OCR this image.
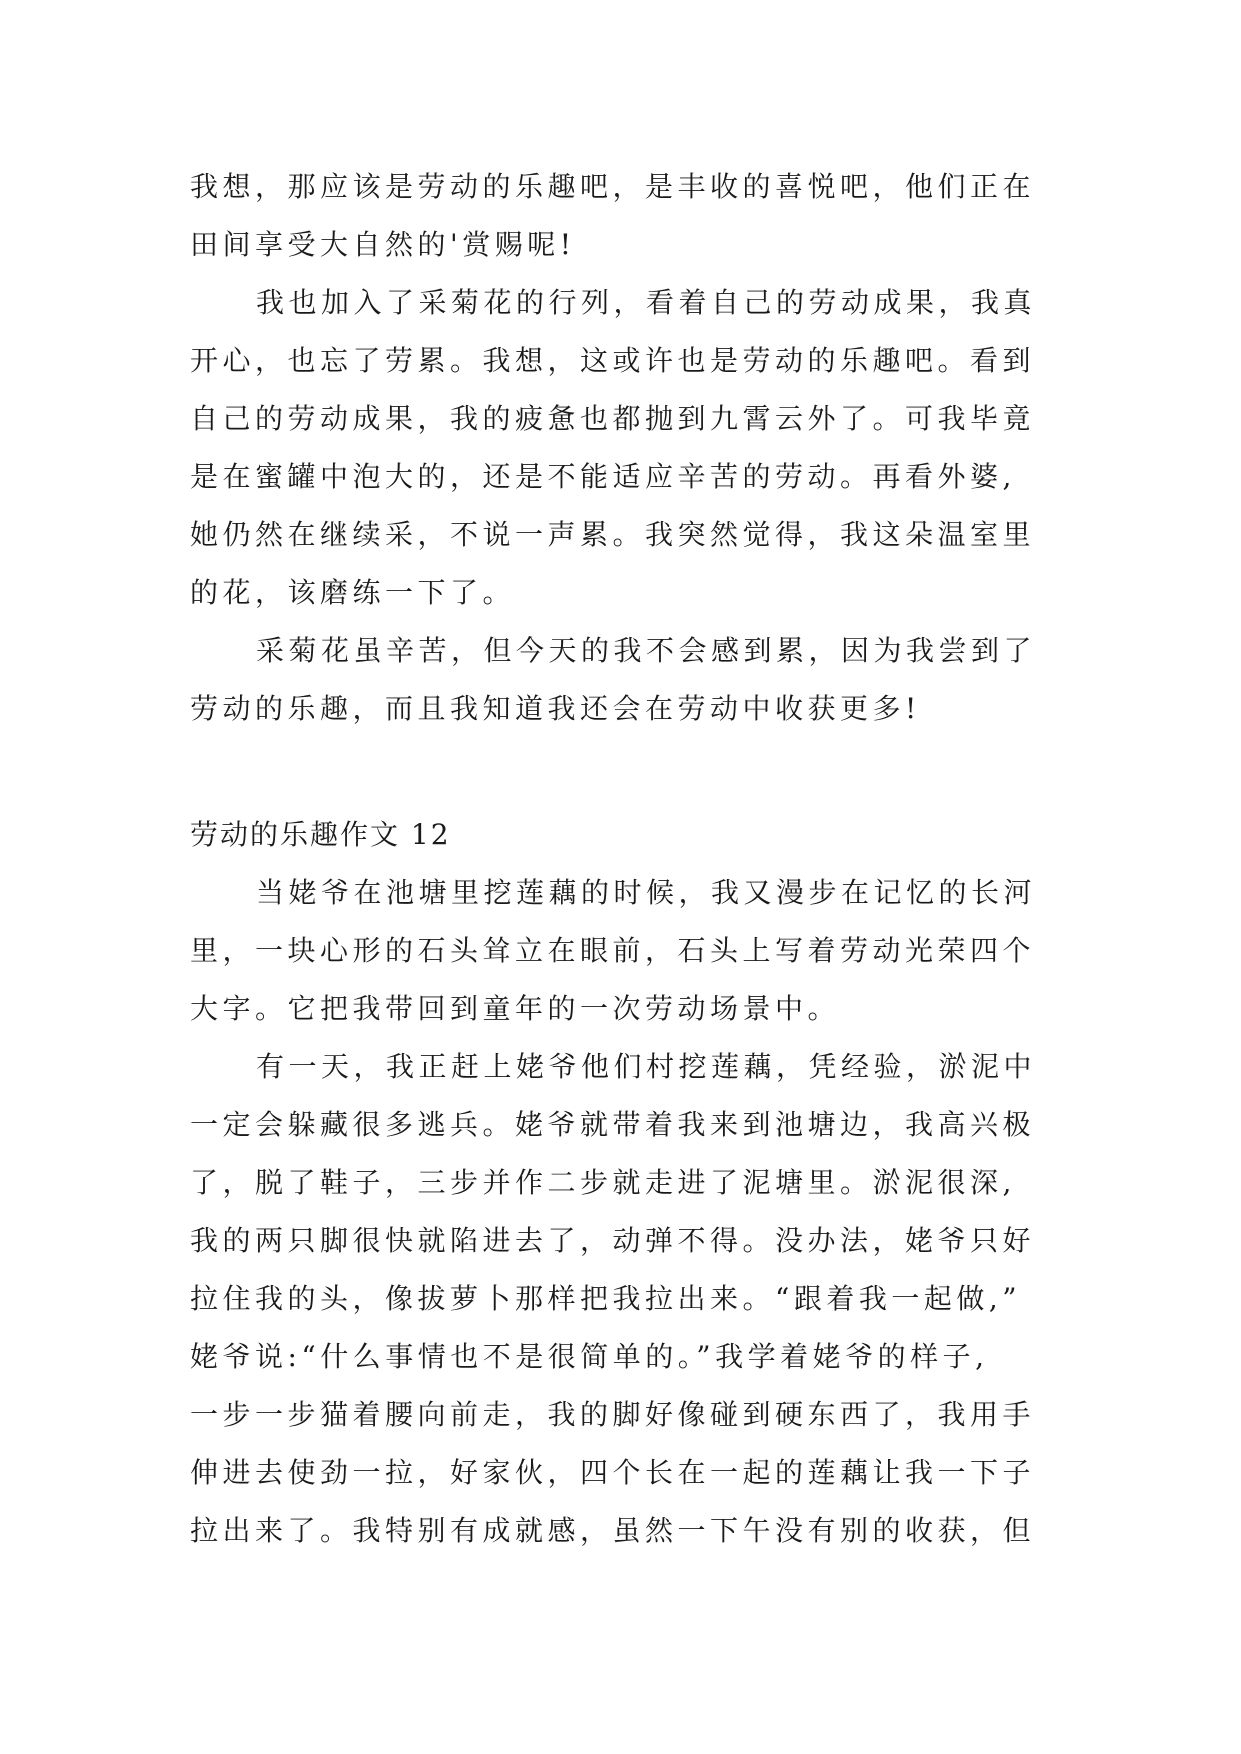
我想，那应该是劳动的乐趣吧，是丰收的喜悦吧，他们正在
田间享受大自然的'赏赐呢!
我也加入了采菊花的行列，看着自己的劳动成果，我真
开心，也忘了劳累。我想，这或许也是劳动的乐趣吧。看到
自己的劳动成果，我的疲惫也都抛到九霄云外了。可我毕竟
是在蜜罐中泡大的，还是不能适应辛苦的劳动。再看外婆,
她仍然在继续采，不说一声累。我突然觉得，我这朵温室里
的花，该磨练一下了。
采菊花虽辛苦，但今天的我不会感到累，因为我尝到了
劳动的乐趣，而且我知道我还会在劳动中收获更多!
劳动的乐趣作文 12
当姥爷在池塘里挖莲藕的时候，我又漫步在记忆的长河
里，一块心形的石头耸立在眼前，石头上写着劳动光荣四个
大字。它把我带回到童年的一次劳动场景中。
有一天，我正赶上姥爷他们村挖莲藕，凭经验，淤泥中
一定会躲藏很多逃兵。姥爷就带着我来到池塘边，我高兴极
了，脱了鞋子，三步并作二步就走进了泥塘里。淤泥很深,
我的两只脚很快就陷进去了，动弹不得。没办法，姥爷只好
拉住我的头，像拔萝卜那样把我拉出来。“跟着我一起做,”
姥爷说:“什么事情也不是很简单的。”我学着姥爷的样子,
一步一步猫着腰向前走，我的脚好像碰到硬东西了，我用手
伸进去使劲一拉，好家伙，四个长在一起的莲藕让我一下子
拉出来了。我特别有成就感，虽然一下午没有别的收获，但
